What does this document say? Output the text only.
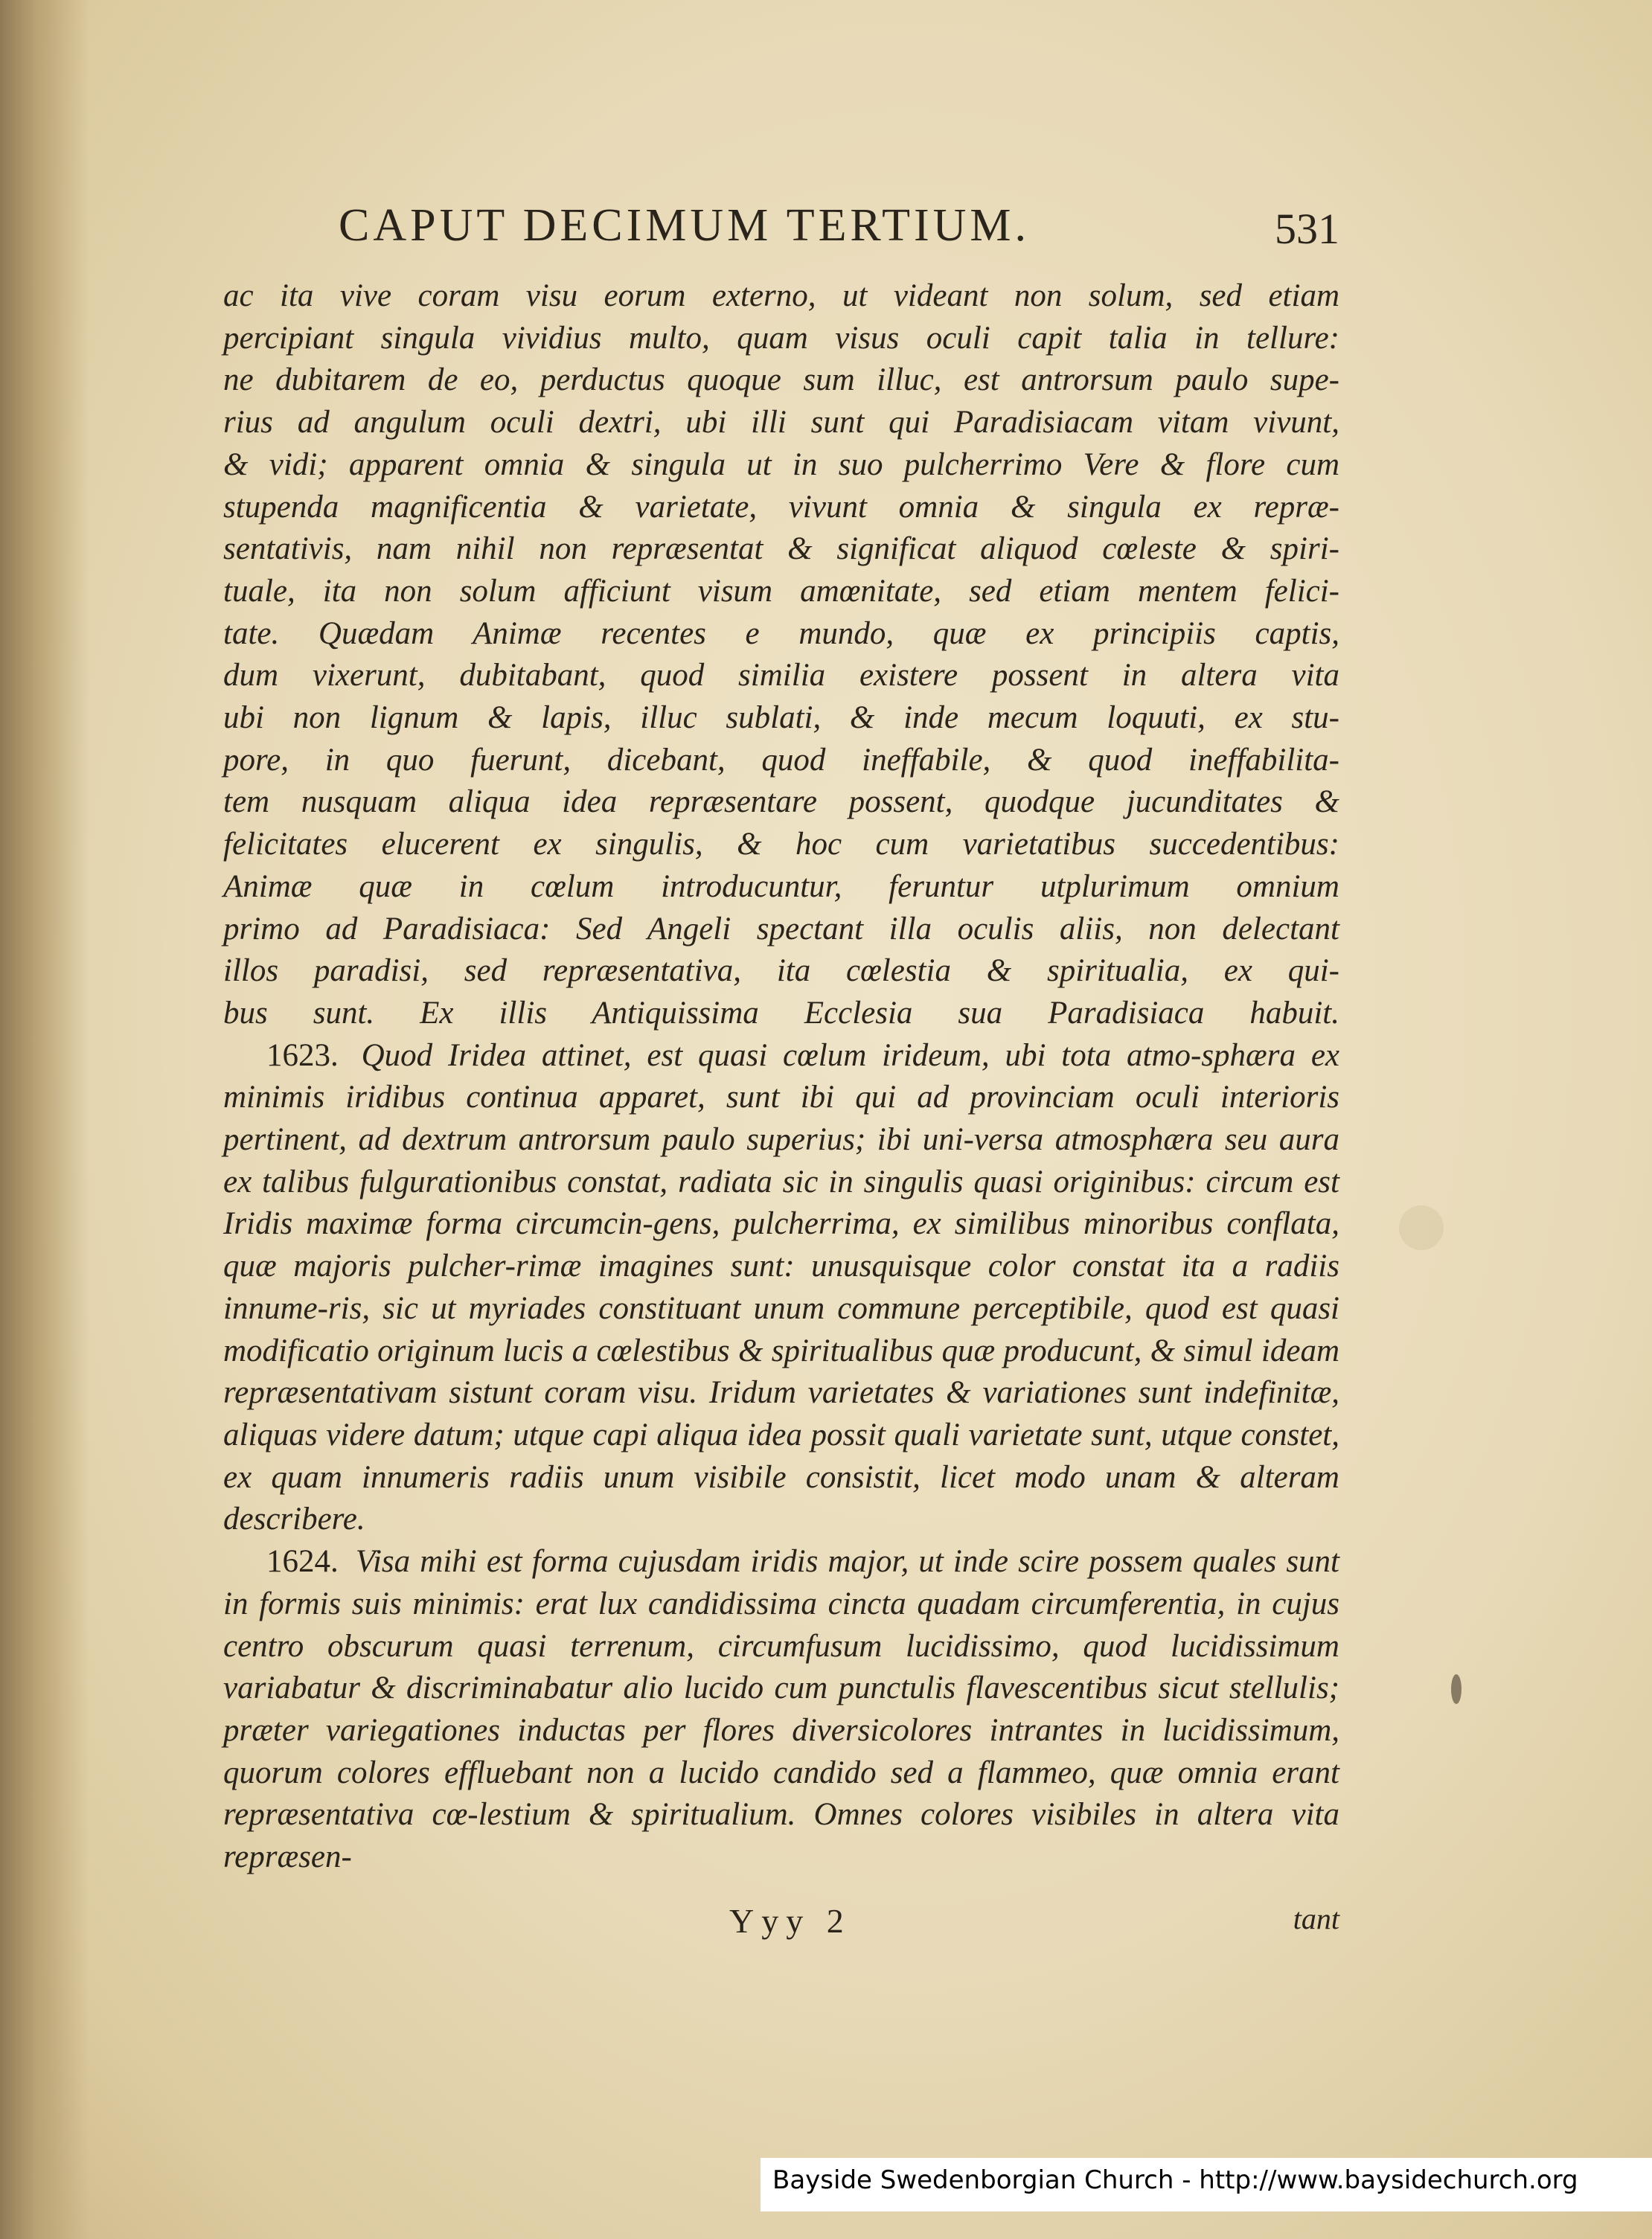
CAPUT DECIMUM TERTIUM.	531
ac ita vive coram visu eorum externo, ut videant non solum, sed etiam
percipiant singula vividius multo, quam visus oculi capit talia in tellure:
ne dubitarem de eo, perductus quoque sum illuc, est antrorsum paulo supe-
rius ad angulum oculi dextri, ubi illi sunt qui Paradisiacam vitam vivunt,
& vidi; apparent omnia & singula ut in suo pulcherrimo Vere & flore cum
stupenda magnificentia & varietate, vivunt omnia & singula ex repræ-
sentativis, nam nihil non repræsentat & significat aliquod cœleste & spiri-
tuale, ita non solum afficiunt visum amœnitate, sed etiam mentem felici-
tate. Quædam Animæ recentes e mundo, quæ ex principiis captis,
dum vixerunt, dubitabant, quod similia existere possent in altera vita
ubi non lignum & lapis, illuc sublati, & inde mecum loquuti, ex stu-
pore, in quo fuerunt, dicebant, quod ineffabile, & quod ineffabilita-
tem nusquam aliqua idea repræsentare possent, quodque jucunditates &
felicitates elucerent ex singulis, & hoc cum varietatibus succedentibus:
Animæ quæ in cœlum introducuntur, feruntur utplurimum omnium
primo ad Paradisiaca: Sed Angeli spectant illa oculis aliis, non delectant
illos paradisi, sed repræsentativa, ita cœlestia & spiritualia, ex qui-
bus sunt. Ex illis Antiquissima Ecclesia sua Paradisiaca habuit.

1623. Quod Iridea attinet, est quasi cœlum irideum, ubi tota atmo-sphæra ex minimis iridibus continua apparet, sunt ibi qui ad provinciam oculi interioris pertinent, ad dextrum antrorsum paulo superius; ibi uni-versa atmosphæra seu aura ex talibus fulgurationibus constat, radiata sic in singulis quasi originibus: circum est Iridis maximæ forma circumcin-gens, pulcherrima, ex similibus minoribus conflata, quæ majoris pulcher-rimæ imagines sunt: unusquisque color constat ita a radiis innume-ris, sic ut myriades constituant unum commune perceptibile, quod est quasi modificatio originum lucis a cœlestibus & spiritualibus quæ producunt, & simul ideam repræsentativam sistunt coram visu. Iridum varietates & variationes sunt indefinitæ, aliquas videre datum; utque capi aliqua idea possit quali varietate sunt, utque constet, ex quam innumeris radiis unum visibile consistit, licet modo unam & alteram describere.

1624. Visa mihi est forma cujusdam iridis major, ut inde scire possem quales sunt in formis suis minimis: erat lux candidissima cincta quadam circumferentia, in cujus centro obscurum quasi terrenum, circumfusum lucidissimo, quod lucidissimum variabatur & discriminabatur alio lucido cum punctulis flavescentibus sicut stellulis; præter variegationes inductas per flores diversicolores intrantes in lucidissimum, quorum colores effluebant non a lucido candido sed a flammeo, quæ omnia erant repræsentativa cœ-lestium & spiritualium. Omnes colores visibiles in altera vita repræsen-

Yyy 2	tant
Bayside Swedenborgian Church - http://www.baysidechurch.org
